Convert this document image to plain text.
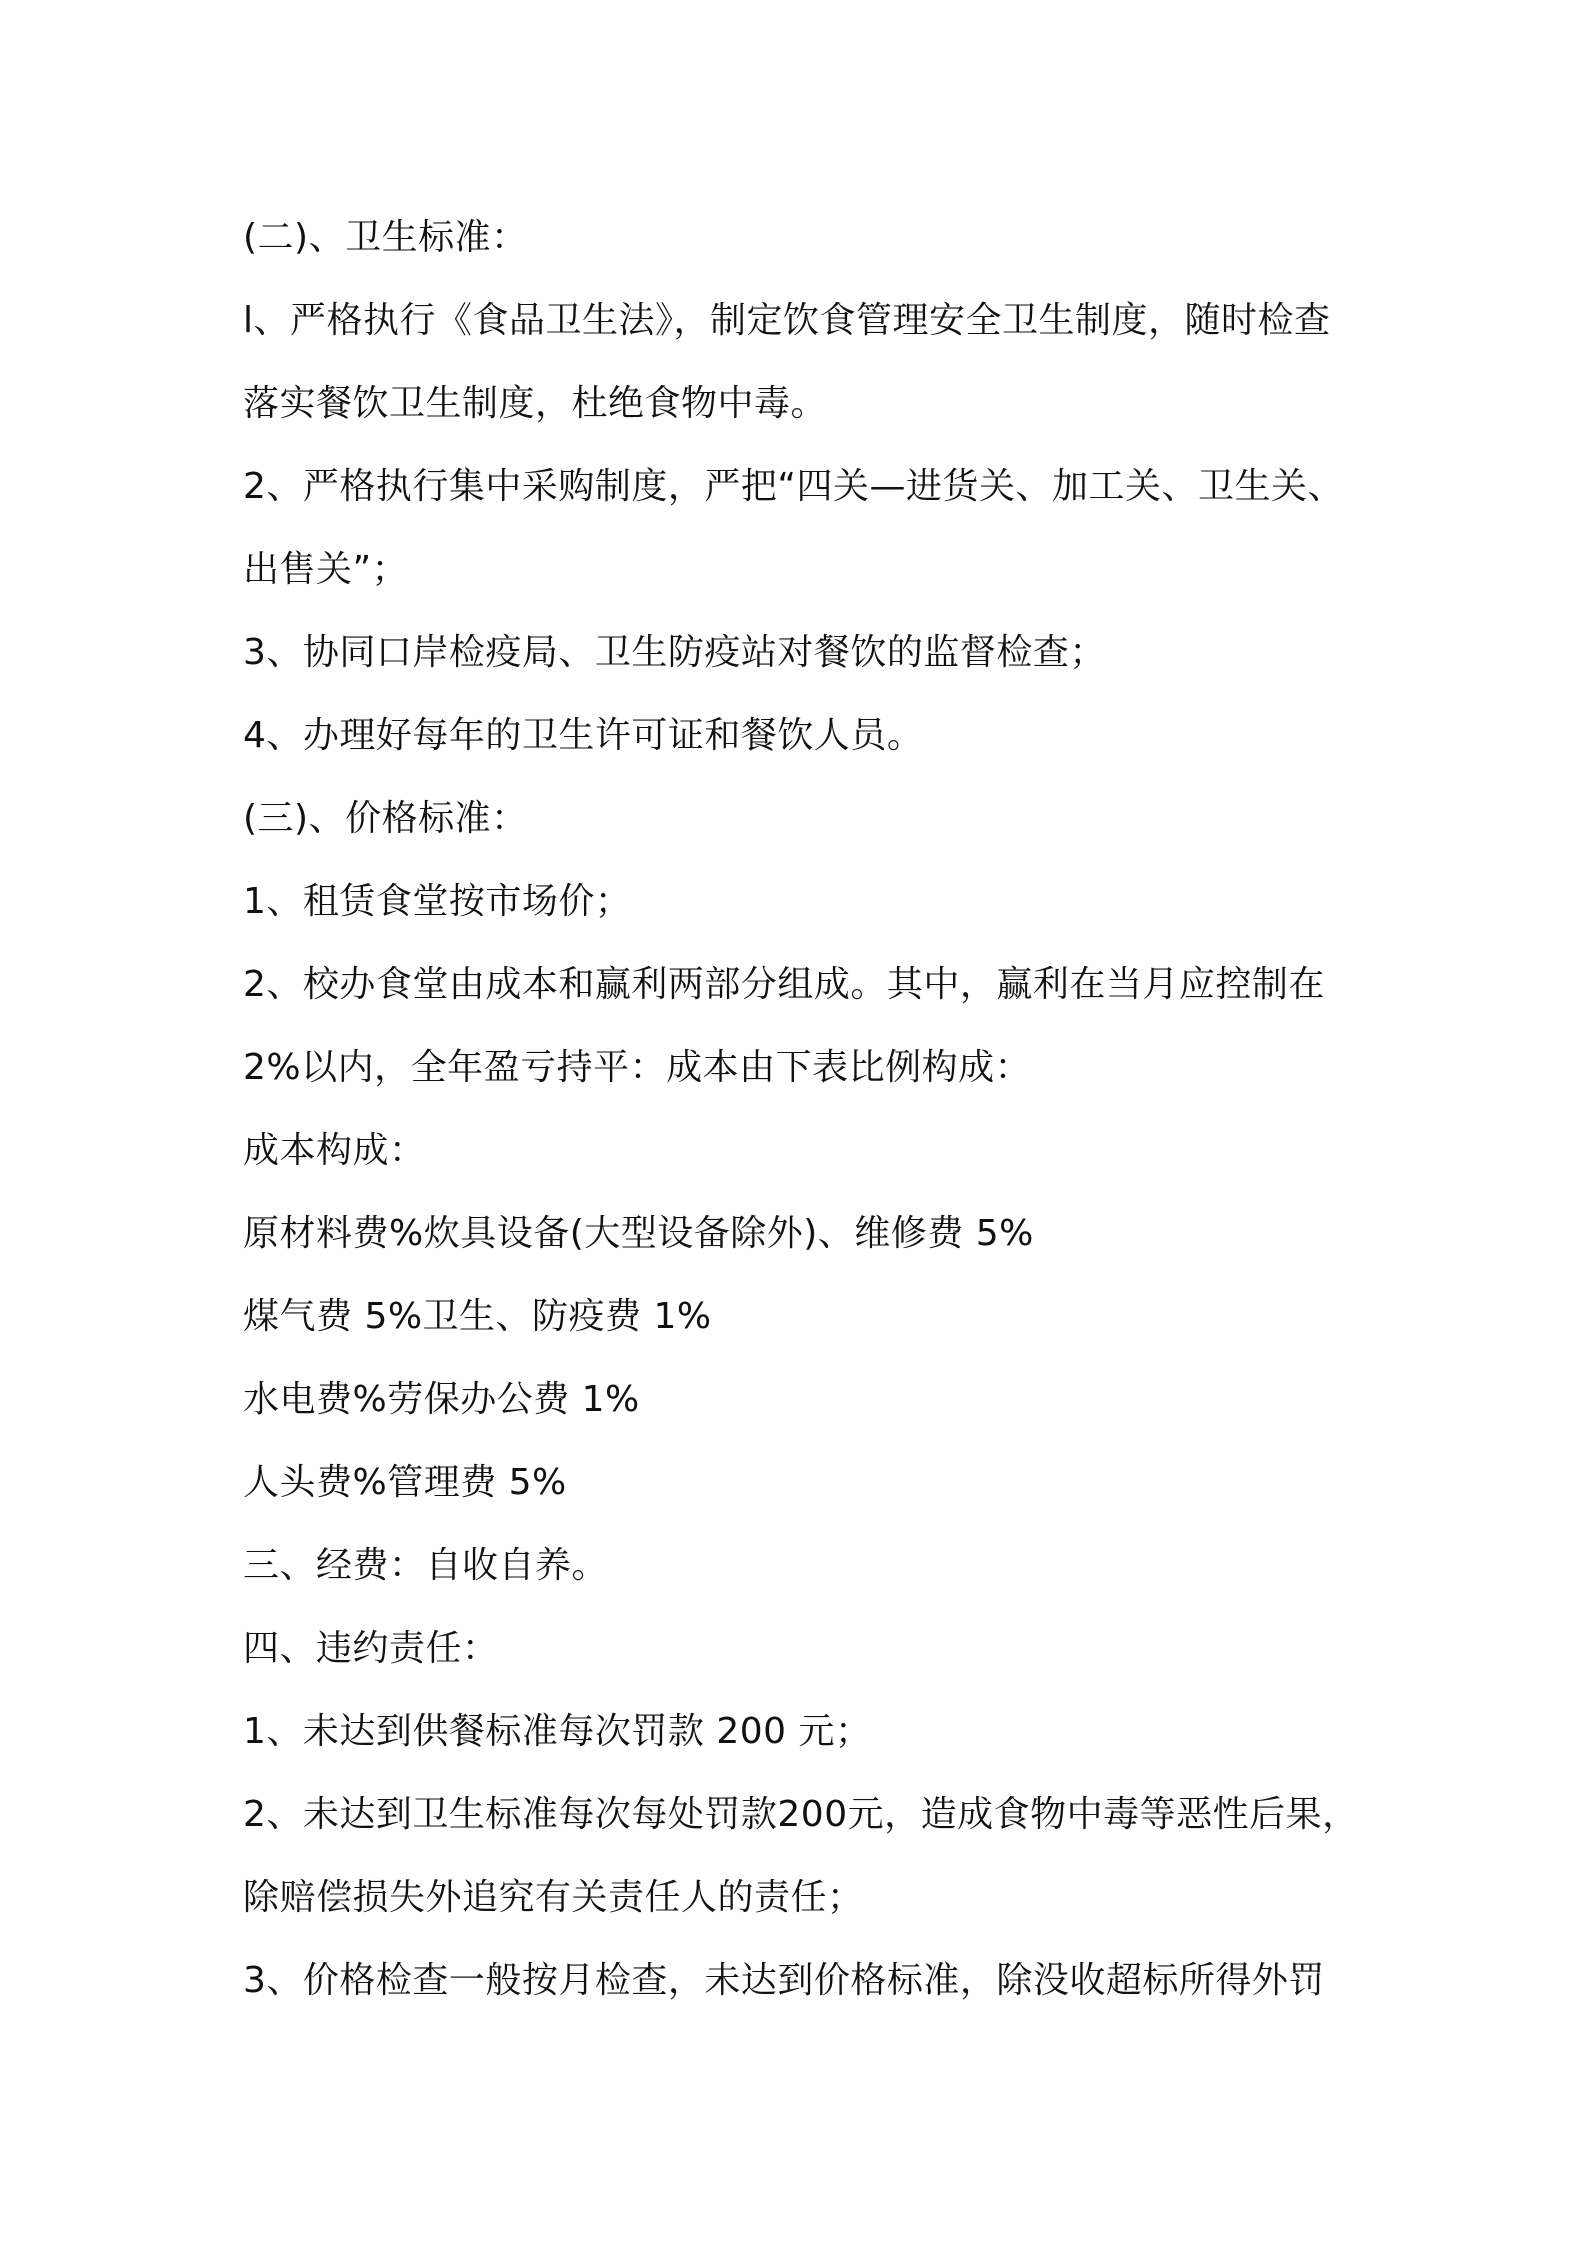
(二)、卫生标准：
l、严格执行《食品卫生法》，制定饮食管理安全卫生制度，随时检查
落实餐饮卫生制度，杜绝食物中毒。
2、严格执行集中采购制度，严把“四关—进货关、加工关、卫生关、
出售关”；
3、协同口岸检疫局、卫生防疫站对餐饮的监督检查；
4、办理好每年的卫生许可证和餐饮人员。
(三)、价格标准：
1、租赁食堂按市场价；
2、校办食堂由成本和赢利两部分组成。其中，赢利在当月应控制在
2%以内，全年盈亏持平：成本由下表比例构成：
成本构成：
原材料费%炊具设备(大型设备除外)、维修费 5%
煤气费 5%卫生、防疫费 1%
水电费%劳保办公费 1%
人头费%管理费 5%
三、经费：自收自养。
四、违约责任：
1、未达到供餐标准每次罚款 200 元；
2、未达到卫生标准每次每处罚款200元，造成食物中毒等恶性后果，
除赔偿损失外追究有关责任人的责任；
3、价格检查一般按月检查，未达到价格标准，除没收超标所得外罚
